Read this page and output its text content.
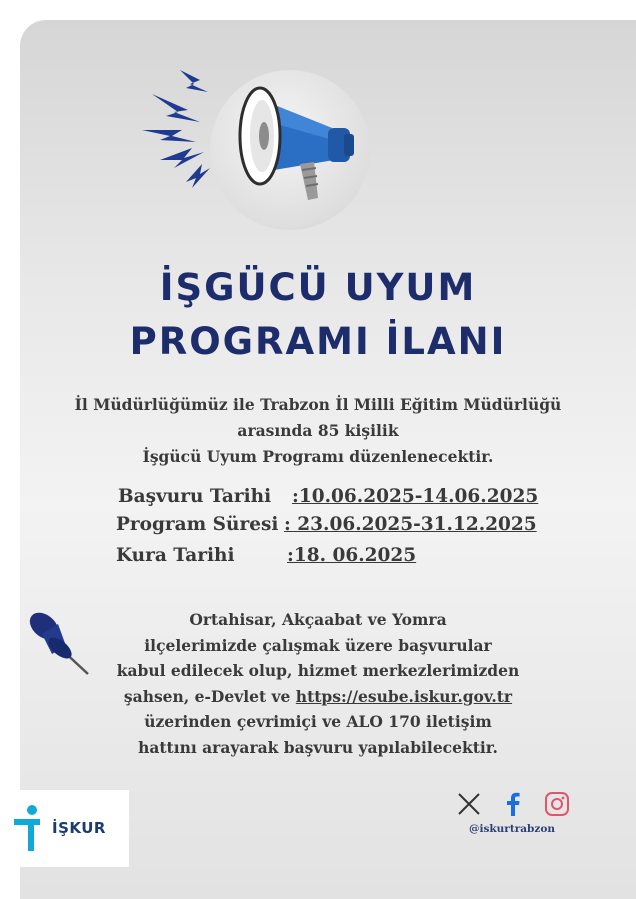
İŞGÜCÜ UYUM
PROGRAMI İLANI
İl Müdürlüğümüz ile Trabzon İl Milli Eğitim Müdürlüğü
arasında 85 kişilik
İşgücü Uyum Programı düzenlenecektir.
Başvuru Tarihi :10.06.2025-14.06.2025
Program Süresi : 23.06.2025-31.12.2025
Kura Tarihi	:18. 06.2025
Ortahisar, Akçaabat ve Yomra
ilçelerimizde çalışmak üzere başvurular
kabul edilecek olup, hizmet merkezlerimizden
şahsen, e-Devlet ve https://esube.iskur.gov.tr
üzerinden çevrimiçi ve ALO 170 iletişim
hattını arayarak başvuru yapılabilecektir.
İŞKUR	@iskurtrabzon
